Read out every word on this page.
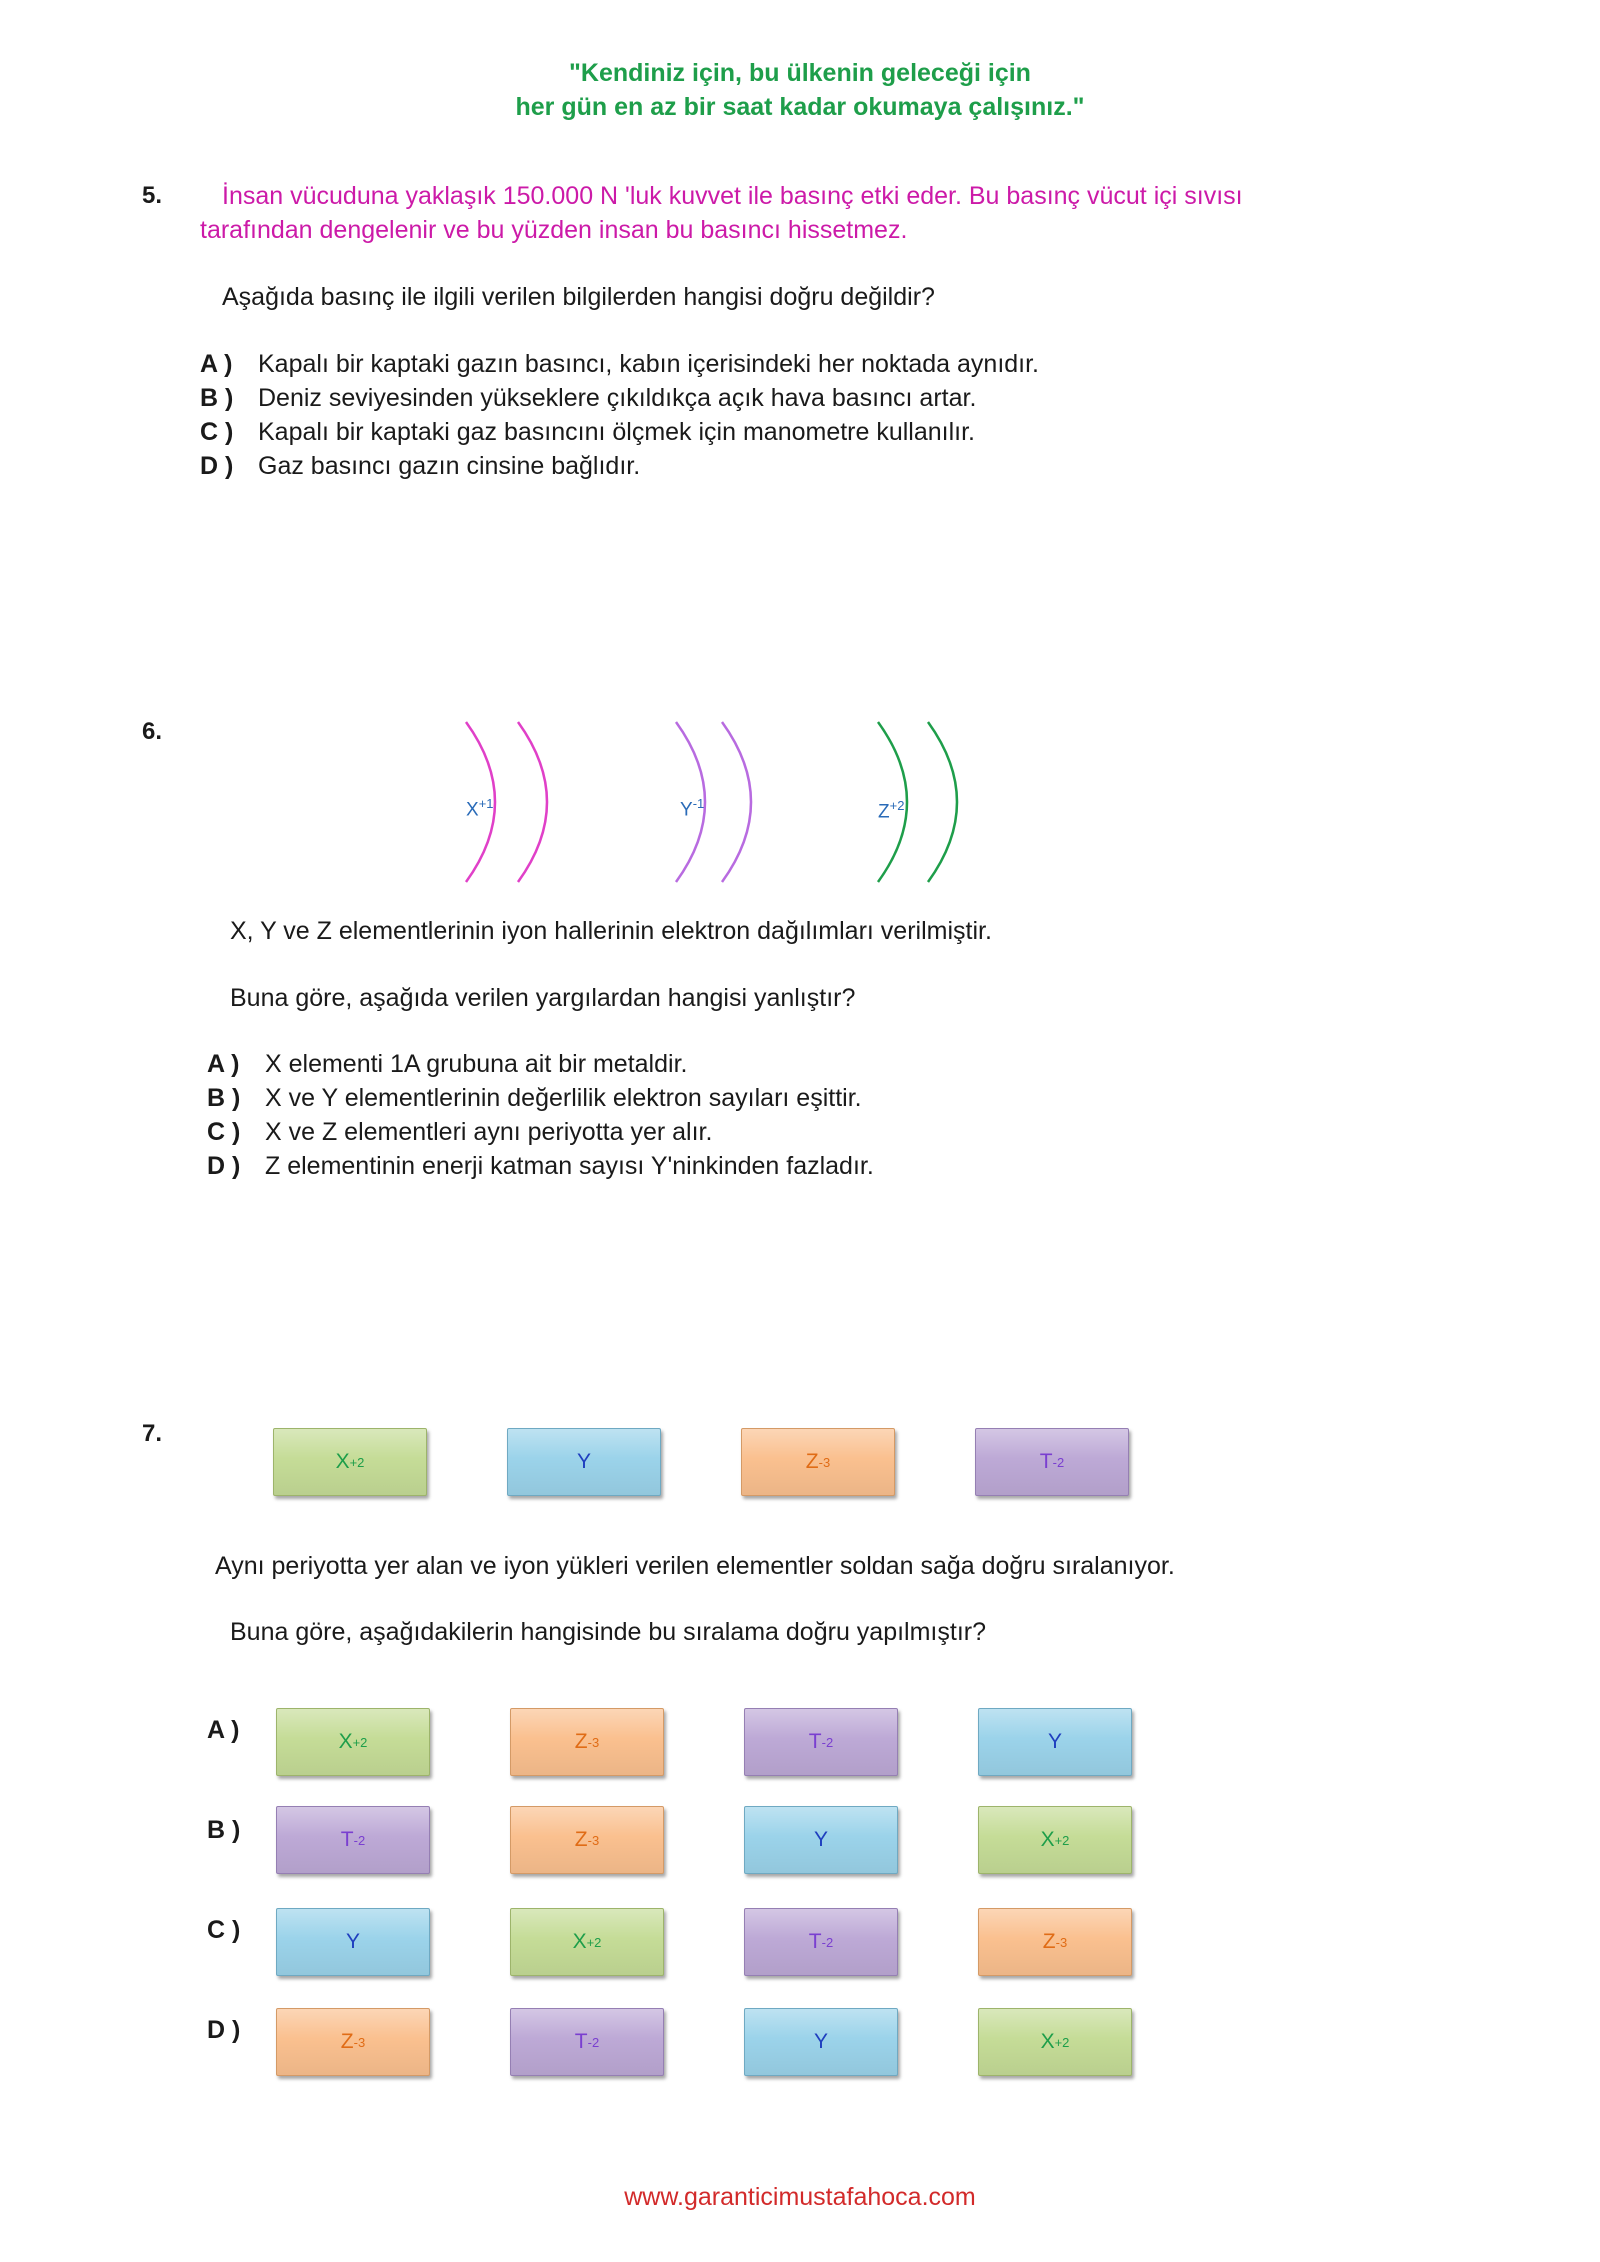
"Kendiniz için, bu ülkenin geleceği için
her gün en az bir saat kadar okumaya çalışınız."
5. İnsan vücuduna yaklaşık 150.000 N 'luk kuvvet ile basınç etki eder. Bu basınç vücut içi sıvısı
tarafından dengelenir ve bu yüzden insan bu basıncı hissetmez.
Aşağıda basınç ile ilgili verilen bilgilerden hangisi doğru değildir?
A ) Kapalı bir kaptaki gazın basıncı, kabın içerisindeki her noktada aynıdır.
B ) Deniz seviyesinden yükseklere çıkıldıkça açık hava basıncı artar.
C ) Kapalı bir kaptaki gaz basıncını ölçmek için manometre kullanılır.
D ) Gaz basıncı gazın cinsine bağlıdır.
6.
$X^{+1}$	$Y^{-1}$	$Z^{+2}$
X, Y ve Z elementlerinin iyon hallerinin elektron dağılımları verilmiştir.
Buna göre, aşağıda verilen yargılardan hangisi yanlıştır?
A ) X elementi 1A grubuna ait bir metaldir.
B ) X ve Y elementlerinin değerlilik elektron sayıları eşittir.
C ) X ve Z elementleri aynı periyotta yer alır.
D ) Z elementinin enerji katman sayısı Y'ninkinden fazladır.
7.
X +2	Y	Z -3	T -2
Aynı periyotta yer alan ve iyon yükleri verilen elementler soldan sağa doğru sıralanıyor.
Buna göre, aşağıdakilerin hangisinde bu sıralama doğru yapılmıştır?
A )	X +2	Z -3	T -2	Y
B )	T -2	Z -3	Y	X +2
C )	Y	X +2	T -2	Z -3
D )	Z -3	T -2	Y	X +2
www.garanticimustafahoca.com
